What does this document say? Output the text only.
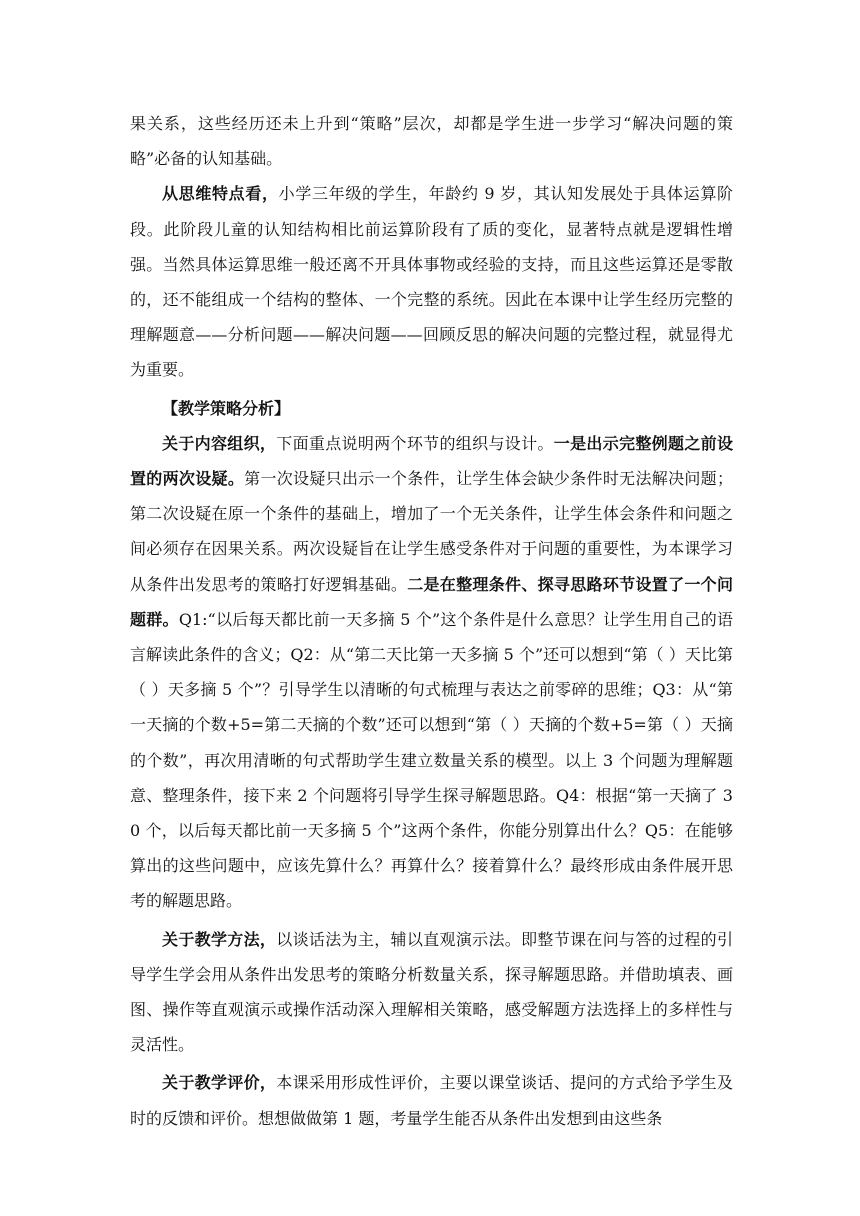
果关系，这些经历还未上升到“策略”层次，却都是学生进一步学习“解决问题的策略”必备的认知基础。

从思维特点看，小学三年级的学生，年龄约 9 岁，其认知发展处于具体运算阶段。此阶段儿童的认知结构相比前运算阶段有了质的变化，显著特点就是逻辑性增强。当然具体运算思维一般还离不开具体事物或经验的支持，而且这些运算还是零散的，还不能组成一个结构的整体、一个完整的系统。因此在本课中让学生经历完整的理解题意——分析问题——解决问题——回顾反思的解决问题的完整过程，就显得尤为重要。

【教学策略分析】

关于内容组织，下面重点说明两个环节的组织与设计。一是出示完整例题之前设置的两次设疑。第一次设疑只出示一个条件，让学生体会缺少条件时无法解决问题；第二次设疑在原一个条件的基础上，增加了一个无关条件，让学生体会条件和问题之间必须存在因果关系。两次设疑旨在让学生感受条件对于问题的重要性，为本课学习从条件出发思考的策略打好逻辑基础。二是在整理条件、探寻思路环节设置了一个问题群。Q1:“以后每天都比前一天多摘 5 个”这个条件是什么意思？让学生用自己的语言解读此条件的含义；Q2：从“第二天比第一天多摘 5 个”还可以想到“第（ ）天比第（ ）天多摘 5 个”？引导学生以清晰的句式梳理与表达之前零碎的思维；Q3：从“第一天摘的个数+5=第二天摘的个数”还可以想到“第（ ）天摘的个数+5=第（ ）天摘的个数”，再次用清晰的句式帮助学生建立数量关系的模型。以上 3 个问题为理解题意、整理条件，接下来 2 个问题将引导学生探寻解题思路。Q4：根据“第一天摘了 30 个，以后每天都比前一天多摘 5 个”这两个条件，你能分别算出什么？Q5：在能够算出的这些问题中，应该先算什么？再算什么？接着算什么？最终形成由条件展开思考的解题思路。

关于教学方法，以谈话法为主，辅以直观演示法。即整节课在问与答的过程的引导学生学会用从条件出发思考的策略分析数量关系，探寻解题思路。并借助填表、画图、操作等直观演示或操作活动深入理解相关策略，感受解题方法选择上的多样性与灵活性。

关于教学评价，本课采用形成性评价，主要以课堂谈话、提问的方式给予学生及时的反馈和评价。想想做做第 1 题，考量学生能否从条件出发想到由这些条
